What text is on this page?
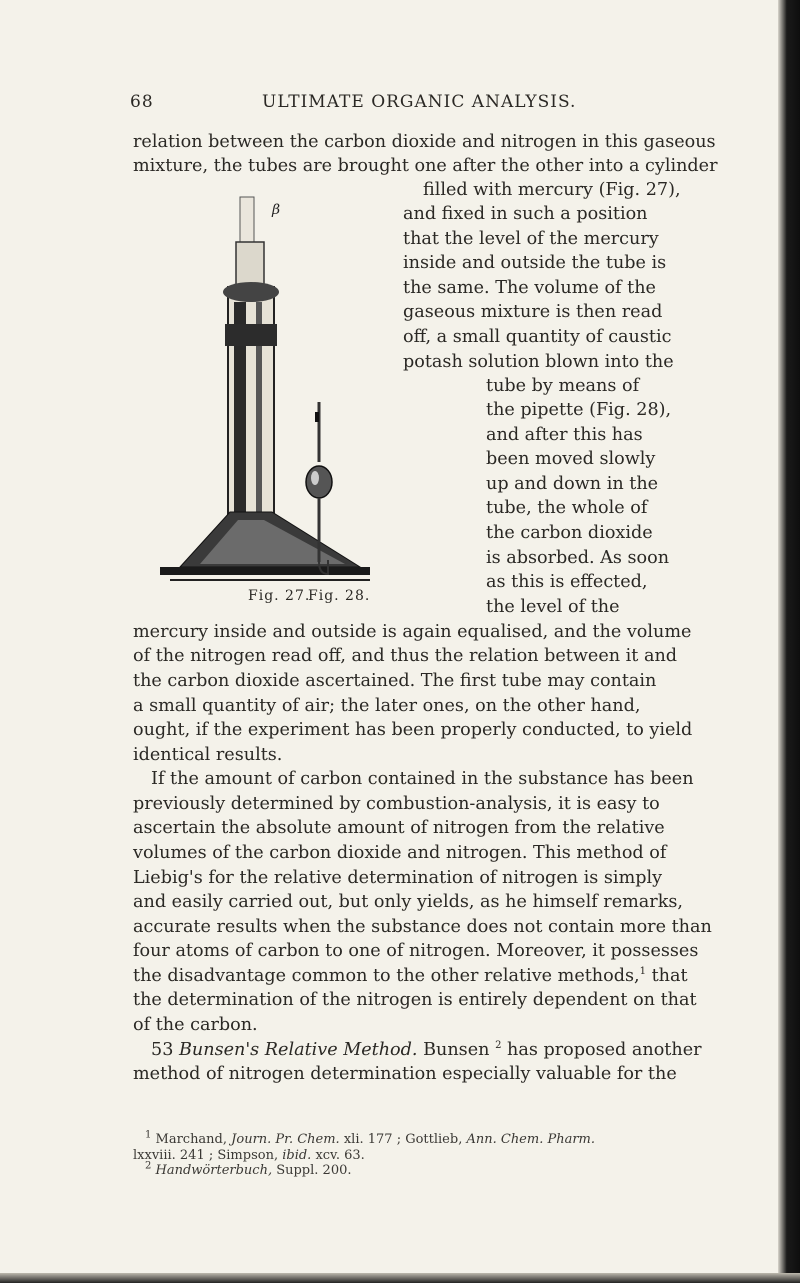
68	ULTIMATE ORGANIC ANALYSIS.
relation between the carbon dioxide and nitrogen in this gaseous
mixture, the tubes are brought one after the other into a cylinder
β
Fig. 27.
Fig. 28.
filled with mercury (Fig. 27),
and fixed in such a position
that the level of the mercury
inside and outside the tube is
the same. The volume of the
gaseous mixture is then read
off, a small quantity of caustic
potash solution blown into the
tube by means of
the pipette (Fig. 28),
and after this has
been moved slowly
up and down in the
tube, the whole of
the carbon dioxide
is absorbed. As soon
as this is effected,
the level of the
mercury inside and outside is again equalised, and the volume
of the nitrogen read off, and thus the relation between it and
the carbon dioxide ascertained. The first tube may contain
a small quantity of air; the later ones, on the other hand,
ought, if the experiment has been properly conducted, to yield
identical results.
If the amount of carbon contained in the substance has been
previously determined by combustion-analysis, it is easy to
ascertain the absolute amount of nitrogen from the relative
volumes of the carbon dioxide and nitrogen. This method of
Liebig's for the relative determination of nitrogen is simply
and easily carried out, but only yields, as he himself remarks,
accurate results when the substance does not contain more than
four atoms of carbon to one of nitrogen. Moreover, it possesses
the disadvantage common to the other relative methods,$^1$ that
the determination of the nitrogen is entirely dependent on that
of the carbon.
53 Bunsen's Relative Method. Bunsen $^2$ has proposed another
method of nitrogen determination especially valuable for the
$^1$ Marchand, Journ. Pr. Chem. xli. 177 ; Gottlieb, Ann. Chem. Pharm.
lxxviii. 241 ; Simpson, ibid. xcv. 63.
$^2$ Handwörterbuch, Suppl. 200.
